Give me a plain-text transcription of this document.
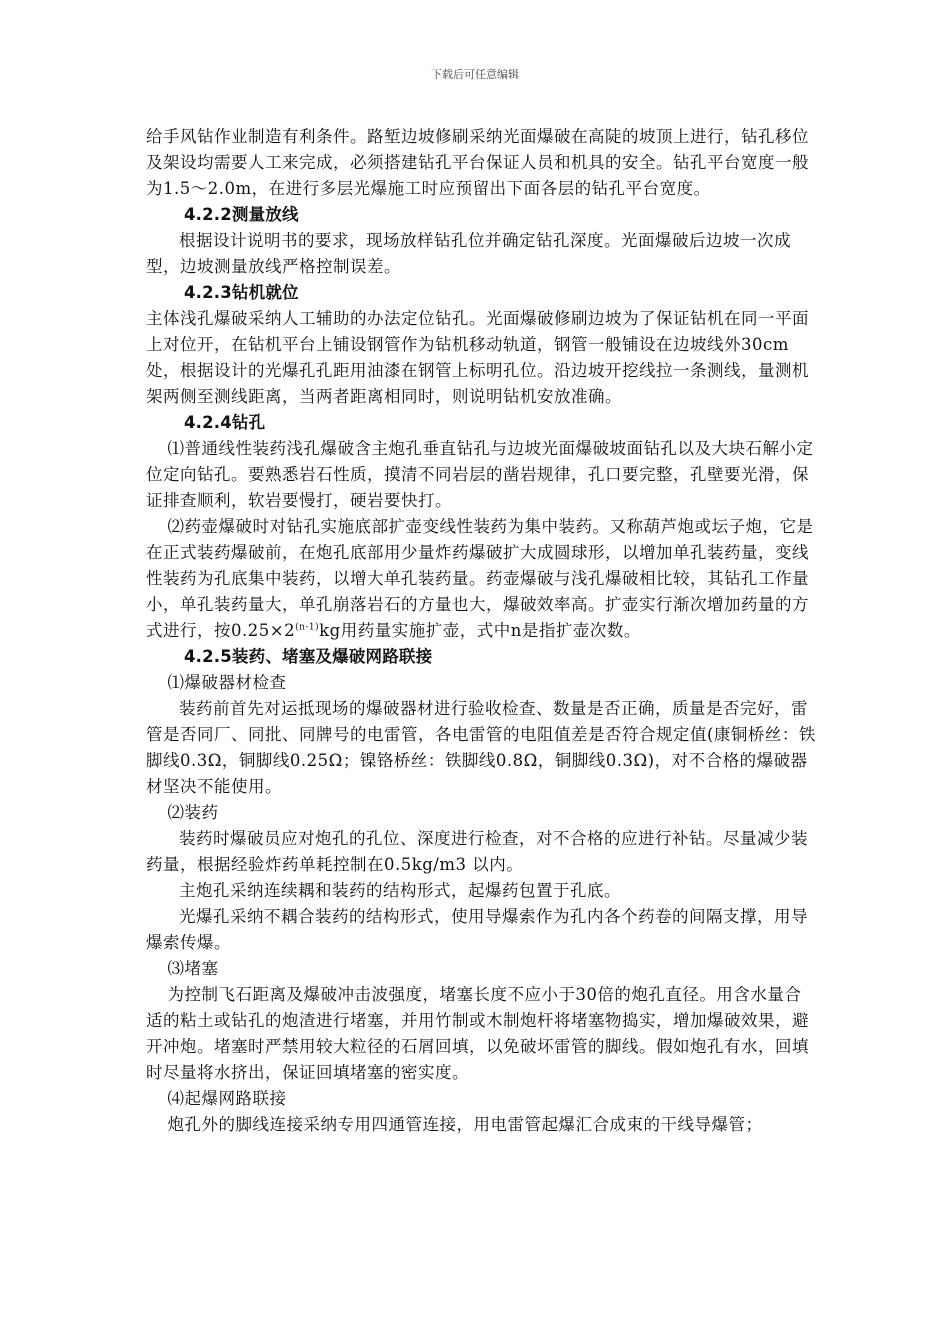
下载后可任意编辑

给手风钻作业制造有利条件。路堑边坡修刷采纳光面爆破在高陡的坡顶上进行，钻孔移位及架设均需要人工来完成，必须搭建钻孔平台保证人员和机具的安全。钻孔平台宽度一般为1.5～2.0m，在进行多层光爆施工时应预留出下面各层的钻孔平台宽度。

4.2.2测量放线

根据设计说明书的要求，现场放样钻孔位并确定钻孔深度。光面爆破后边坡一次成型，边坡测量放线严格控制误差。

4.2.3钻机就位

主体浅孔爆破采纳人工辅助的办法定位钻孔。光面爆破修刷边坡为了保证钻机在同一平面上对位开，在钻机平台上铺设钢管作为钻机移动轨道，钢管一般铺设在边坡线外30cm处，根据设计的光爆孔孔距用油漆在钢管上标明孔位。沿边坡开挖线拉一条测线，量测机架两侧至测线距离，当两者距离相同时，则说明钻机安放准确。

4.2.4钻孔

⑴普通线性装药浅孔爆破含主炮孔垂直钻孔与边坡光面爆破坡面钻孔以及大块石解小定位定向钻孔。要熟悉岩石性质，摸清不同岩层的凿岩规律，孔口要完整，孔壁要光滑，保证排查顺利，软岩要慢打，硬岩要快打。

⑵药壶爆破时对钻孔实施底部扩壶变线性装药为集中装药。又称葫芦炮或坛子炮，它是在正式装药爆破前，在炮孔底部用少量炸药爆破扩大成圆球形，以增加单孔装药量，变线性装药为孔底集中装药，以增大单孔装药量。药壶爆破与浅孔爆破相比较，其钻孔工作量小，单孔装药量大，单孔崩落岩石的方量也大，爆破效率高。扩壶实行渐次增加药量的方式进行，按$0.25\times 2^{(n-1)}kg$用药量实施扩壶，式中n是指扩壶次数。

4.2.5装药、堵塞及爆破网路联接

⑴爆破器材检查

装药前首先对运抵现场的爆破器材进行验收检查、数量是否正确，质量是否完好，雷管是否同厂、同批、同牌号的电雷管，各电雷管的电阻值差是否符合规定值(康铜桥丝：铁脚线0.3Ω，铜脚线0.25Ω；镍铬桥丝：铁脚线0.8Ω，铜脚线0.3Ω)，对不合格的爆破器材坚决不能使用。

⑵装药

装药时爆破员应对炮孔的孔位、深度进行检查，对不合格的应进行补钻。尽量减少装药量，根据经验炸药单耗控制在0.5kg/m3 以内。

主炮孔采纳连续耦和装药的结构形式，起爆药包置于孔底。

光爆孔采纳不耦合装药的结构形式，使用导爆索作为孔内各个药卷的间隔支撑，用导爆索传爆。

⑶堵塞

为控制飞石距离及爆破冲击波强度，堵塞长度不应小于30倍的炮孔直径。用含水量合适的粘土或钻孔的炮渣进行堵塞，并用竹制或木制炮杆将堵塞物捣实，增加爆破效果，避开冲炮。堵塞时严禁用较大粒径的石屑回填，以免破坏雷管的脚线。假如炮孔有水，回填时尽量将水挤出，保证回填堵塞的密实度。

⑷起爆网路联接

炮孔外的脚线连接采纳专用四通管连接，用电雷管起爆汇合成束的干线导爆管；
